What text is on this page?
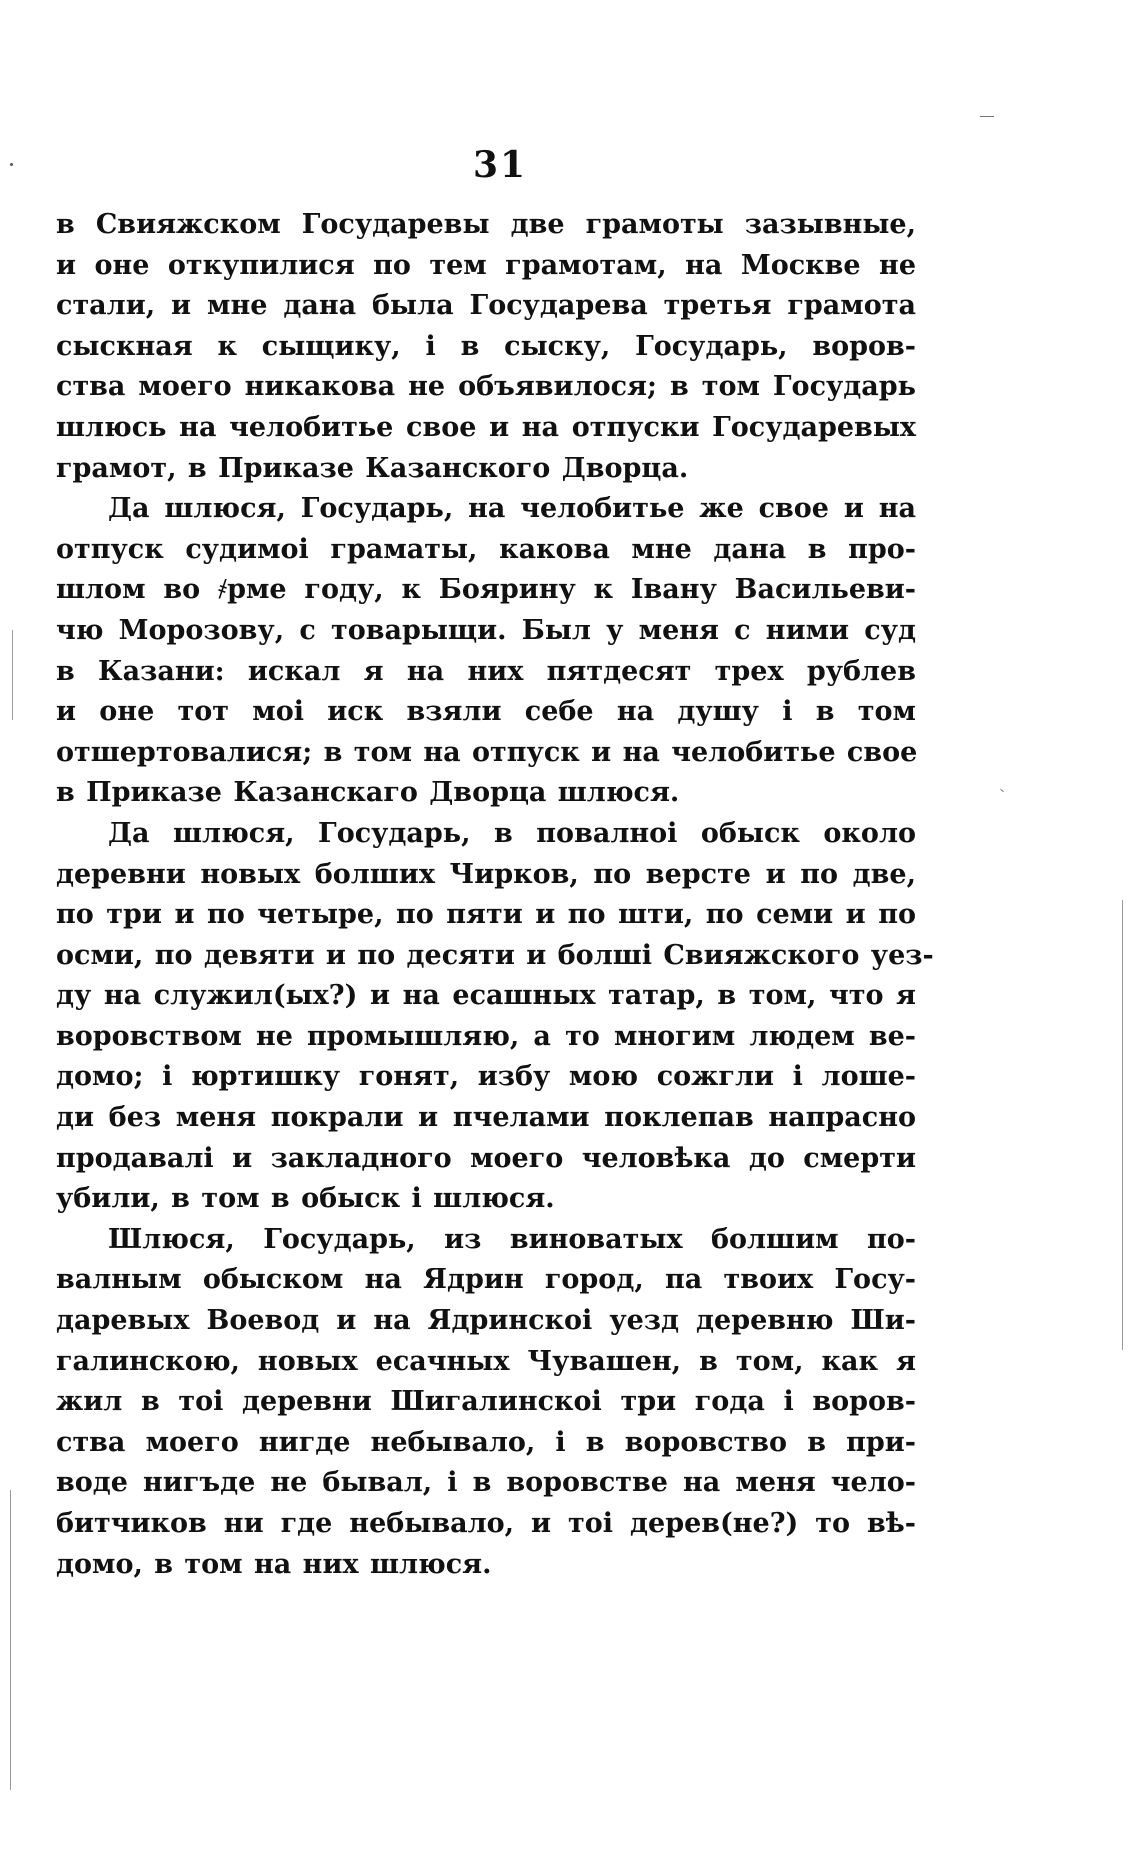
31
в Свияжском Государевы две грамоты зазывные,
и оне откупилися по тем грамотам, на Москве не
стали, и мне дана была Государева третья грамота
сыскная к сыщику, і в сыску, Государь, воров-
ства моего никакова не объявилося; в том Государь
шлюсь на челобитье свое и на отпуски Государевых
грамот, в Приказе Казанского Дворца.
Да шлюся, Государь, на челобитье же свое и на
отпуск судимоі граматы, какова мне дана в про-
шлом во ҂рме году, к Боярину к Івану Васильеви-
чю Морозову, с товарыщи. Был у меня с ними суд
в Казани: искал я на них пятдесят трех рублев
и оне тот моі иск взяли себе на душу і в том
отшертовалися; в том на отпуск и на челобитье свое
в Приказе Казанскаго Дворца шлюся.
Да шлюся, Государь, в повалноі обыск около
деревни новых болших Чирков, по версте и по две,
по три и по четыре, по пяти и по шти, по семи и по
осми, по девяти и по десяти и болші Свияжского уез-
ду на служил(ых?) и на есашных татар, в том, что я
воровством не промышляю, а то многим людем ве-
домо; і юртишку гонят, избу мою сожгли і лоше-
ди без меня покрали и пчелами поклепав напрасно
продавалі и закладного моего человѣка до смерти
убили, в том в обыск і шлюся.
Шлюся, Государь, из виноватых болшим по-
валным обыском на Ядрин город, па твоих Госу-
даревых Воевод и на Ядринскоі уезд деревню Ши-
галинскою, новых есачных Чувашен, в том, как я
жил в тоі деревни Шигалинскоі три года і воров-
ства моего нигде небывало, і в воровство в при-
воде нигъде не бывал, і в воровстве на меня чело-
битчиков ни где небывало, и тоі дерев(не?) то вѣ-
домо, в том на них шлюся.
